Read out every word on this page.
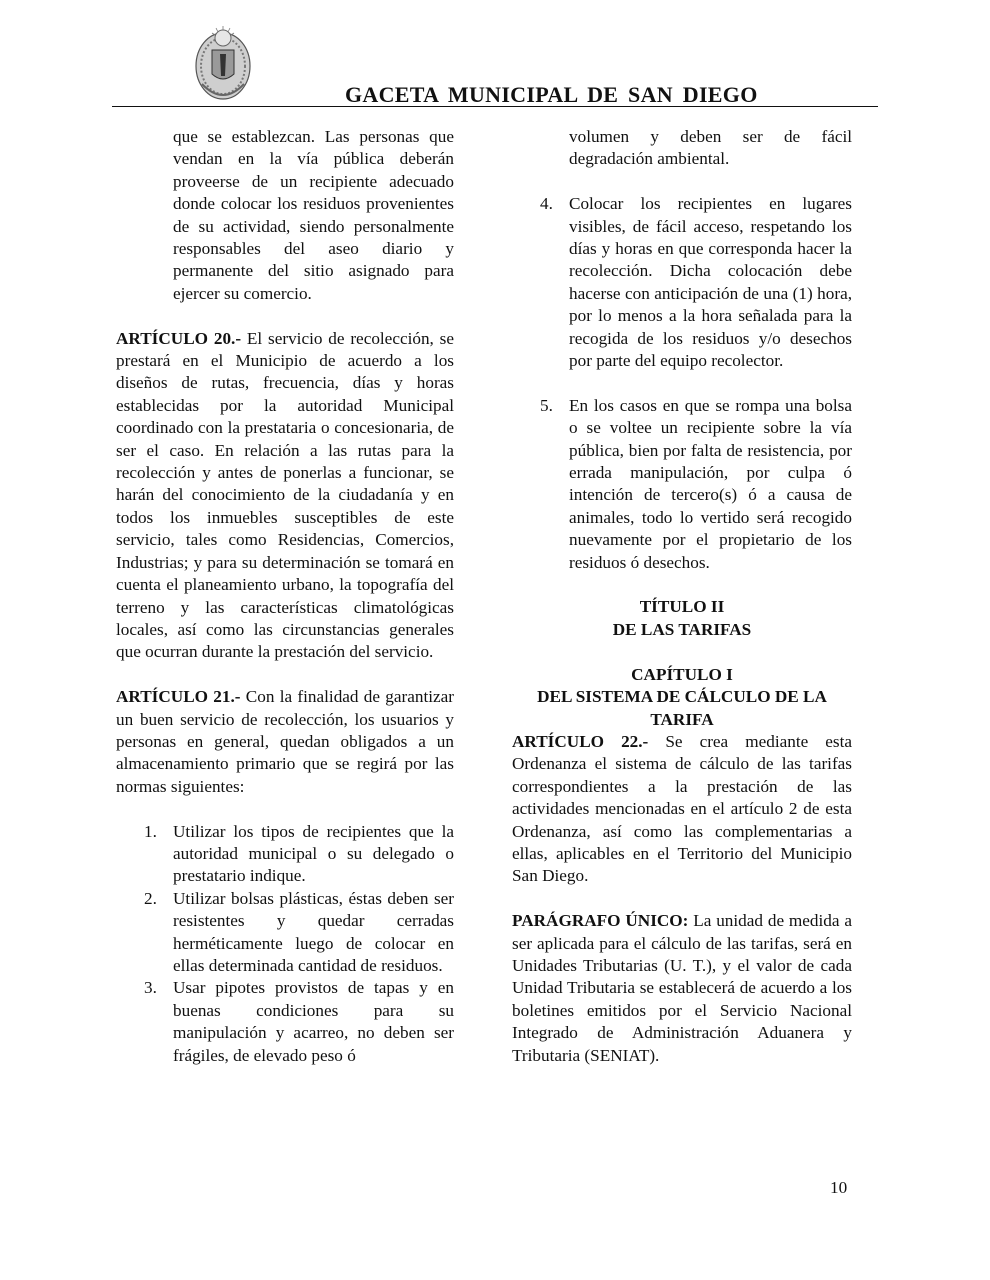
GACETA MUNICIPAL DE SAN DIEGO

que se establezcan. Las personas que vendan en la vía pública deberán proveerse de un recipiente adecuado donde colocar los residuos provenientes de su actividad, siendo personalmente responsables del aseo diario y permanente del sitio asignado para ejercer su comercio.

ARTÍCULO 20.- El servicio de recolección, se prestará en el Municipio de acuerdo a los diseños de rutas, frecuencia, días y horas establecidas por la autoridad Municipal coordinado con la prestataria o concesionaria, de ser el caso. En relación a las rutas para la recolección y antes de ponerlas a funcionar, se harán del conocimiento de la ciudadanía y en todos los inmuebles susceptibles de este servicio, tales como Residencias, Comercios, Industrias; y para su determinación se tomará en cuenta el planeamiento urbano, la topografía del terreno y las características climatológicas locales, así como las circunstancias generales que ocurran durante la prestación del servicio.

ARTÍCULO 21.- Con la finalidad de garantizar un buen servicio de recolección, los usuarios y personas en general, quedan obligados a un almacenamiento primario que se regirá por las normas siguientes:

1. Utilizar los tipos de recipientes que la autoridad municipal o su delegado o prestatario indique.
2. Utilizar bolsas plásticas, éstas deben ser resistentes y quedar cerradas herméticamente luego de colocar en ellas determinada cantidad de residuos.
3. Usar pipotes provistos de tapas y en buenas condiciones para su manipulación y acarreo, no deben ser frágiles, de elevado peso ó

volumen y deben ser de fácil degradación ambiental.

4. Colocar los recipientes en lugares visibles, de fácil acceso, respetando los días y horas en que corresponda hacer la recolección. Dicha colocación debe hacerse con anticipación de una (1) hora, por lo menos a la hora señalada para la recogida de los residuos y/o desechos por parte del equipo recolector.
5. En los casos en que se rompa una bolsa o se voltee un recipiente sobre la vía pública, bien por falta de resistencia, por errada manipulación, por culpa ó intención de tercero(s) ó a causa de animales, todo lo vertido será recogido nuevamente por el propietario de los residuos ó desechos.
TÍTULO II
DE LAS TARIFAS
CAPÍTULO I
DEL SISTEMA DE CÁLCULO DE LA TARIFA

ARTÍCULO 22.- Se crea mediante esta Ordenanza el sistema de cálculo de las tarifas correspondientes a la prestación de las actividades mencionadas en el artículo 2 de esta Ordenanza, así como las complementarias a ellas, aplicables en el Territorio del Municipio San Diego.

PARÁGRAFO ÚNICO: La unidad de medida a ser aplicada para el cálculo de las tarifas, será en Unidades Tributarias (U. T.), y el valor de cada Unidad Tributaria se establecerá de acuerdo a los boletines emitidos por el Servicio Nacional Integrado de Administración Aduanera y Tributaria (SENIAT).

10
